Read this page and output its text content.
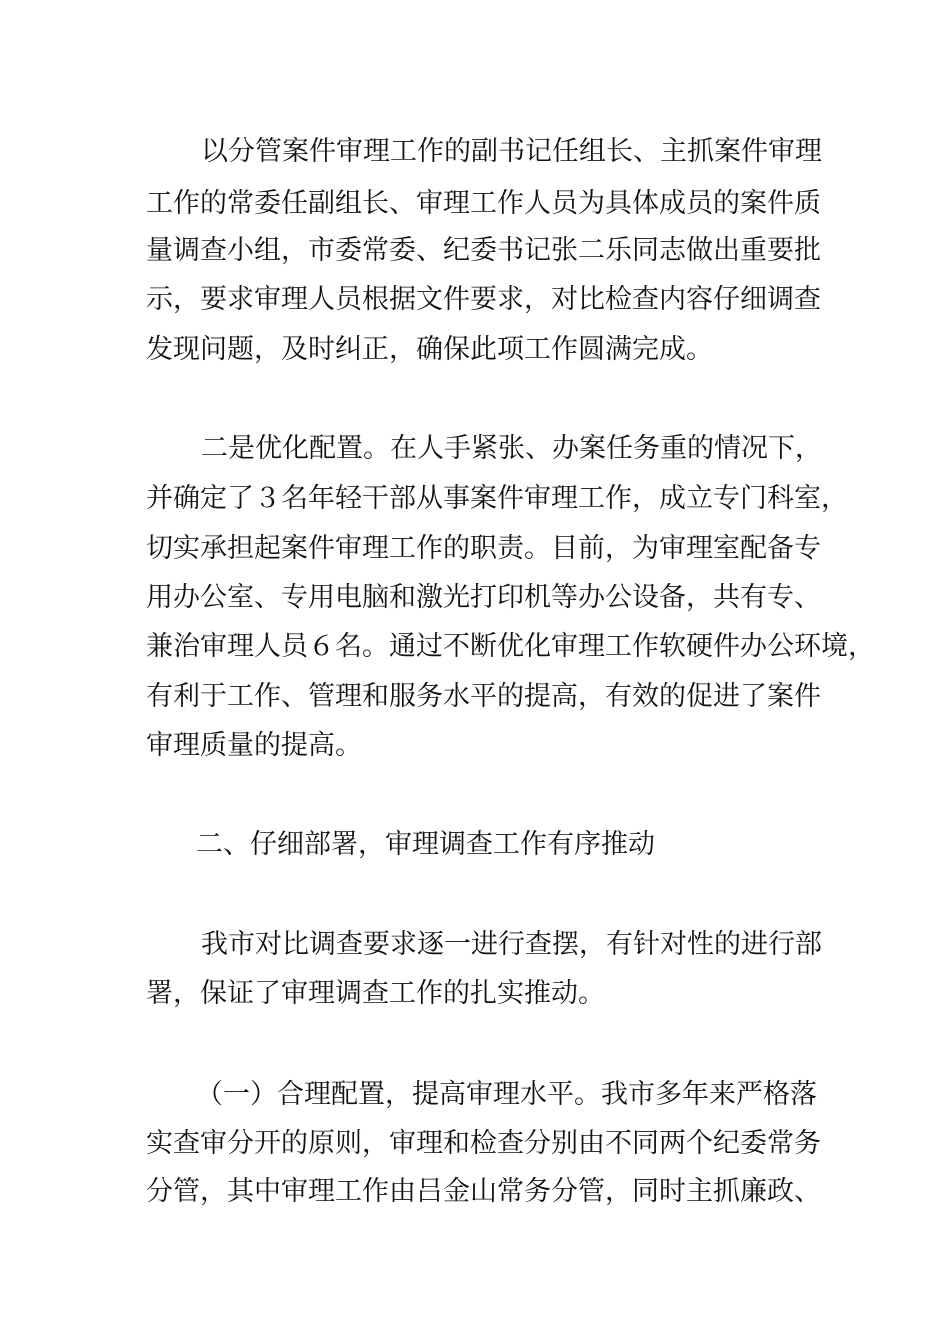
以分管案件审理工作的副书记任组长、主抓案件审理
工作的常委任副组长、审理工作人员为具体成员的案件质
量调查小组，市委常委、纪委书记张二乐同志做出重要批
示，要求审理人员根据文件要求，对比检查内容仔细调查
发现问题，及时纠正，确保此项工作圆满完成。
二是优化配置。在人手紧张、办案任务重的情况下，
并确定了３名年轻干部从事案件审理工作，成立专门科室，
切实承担起案件审理工作的职责。目前，为审理室配备专
用办公室、专用电脑和激光打印机等办公设备，共有专、
兼治审理人员６名。通过不断优化审理工作软硬件办公环境，
有利于工作、管理和服务水平的提高，有效的促进了案件
审理质量的提高。
二、仔细部署，审理调查工作有序推动
我市对比调查要求逐一进行查摆，有针对性的进行部
署，保证了审理调查工作的扎实推动。
（一）合理配置，提高审理水平。我市多年来严格落
实查审分开的原则，审理和检查分别由不同两个纪委常务
分管，其中审理工作由吕金山常务分管，同时主抓廉政、
